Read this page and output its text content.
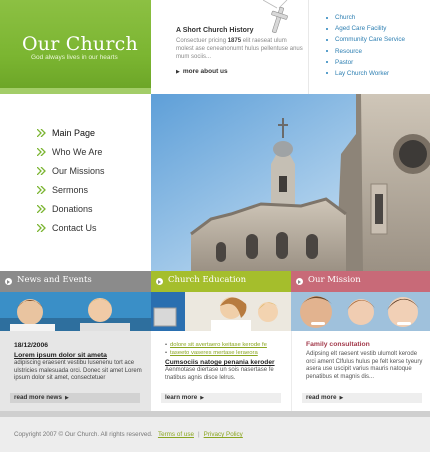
Our Church
God always lives in our hearts
A Short Church History
Consectuer pricing 1875 elit raeseat ulum molest ase ceneanonumt hulus pellentuse anus mum sociis...
▶ more about us
Church
Aged Care Facility
Community Care Service
Resource
Pastor
Lay Church Worker
Main Page
Who We Are
Our Missions
Sermons
Donations
Contact Us
News and Events	Church Education	Our Mission
18/12/2006
Lorem ipsum dolor sit ameta
adipiscing eraesent vestibu lusenenu tort ace ulstricies malesuada orci. Donec sit amet Lorem ipsum dolor sit amet, consectetuer
read more news ▶
• dolore sit avertaero keitase kerode fe
• taseeto vaseres mertase leraeora
Cumsociis natoge penania keroder
Aenmotase diertase un sois nasertase fe tnatibus agnis disce lelrus.
learn more ▶
Family consultation
Adipsing elt raesent vestib ulumolt kerode orci ament Clfulus hulus pe felt kerse tyeury asera use uscipit varius mauris natoque penatibus et magnis dis...
read more ▶
Copyright 2007 © Our Church. All rights reserved. Terms of use | Privacy Policy
